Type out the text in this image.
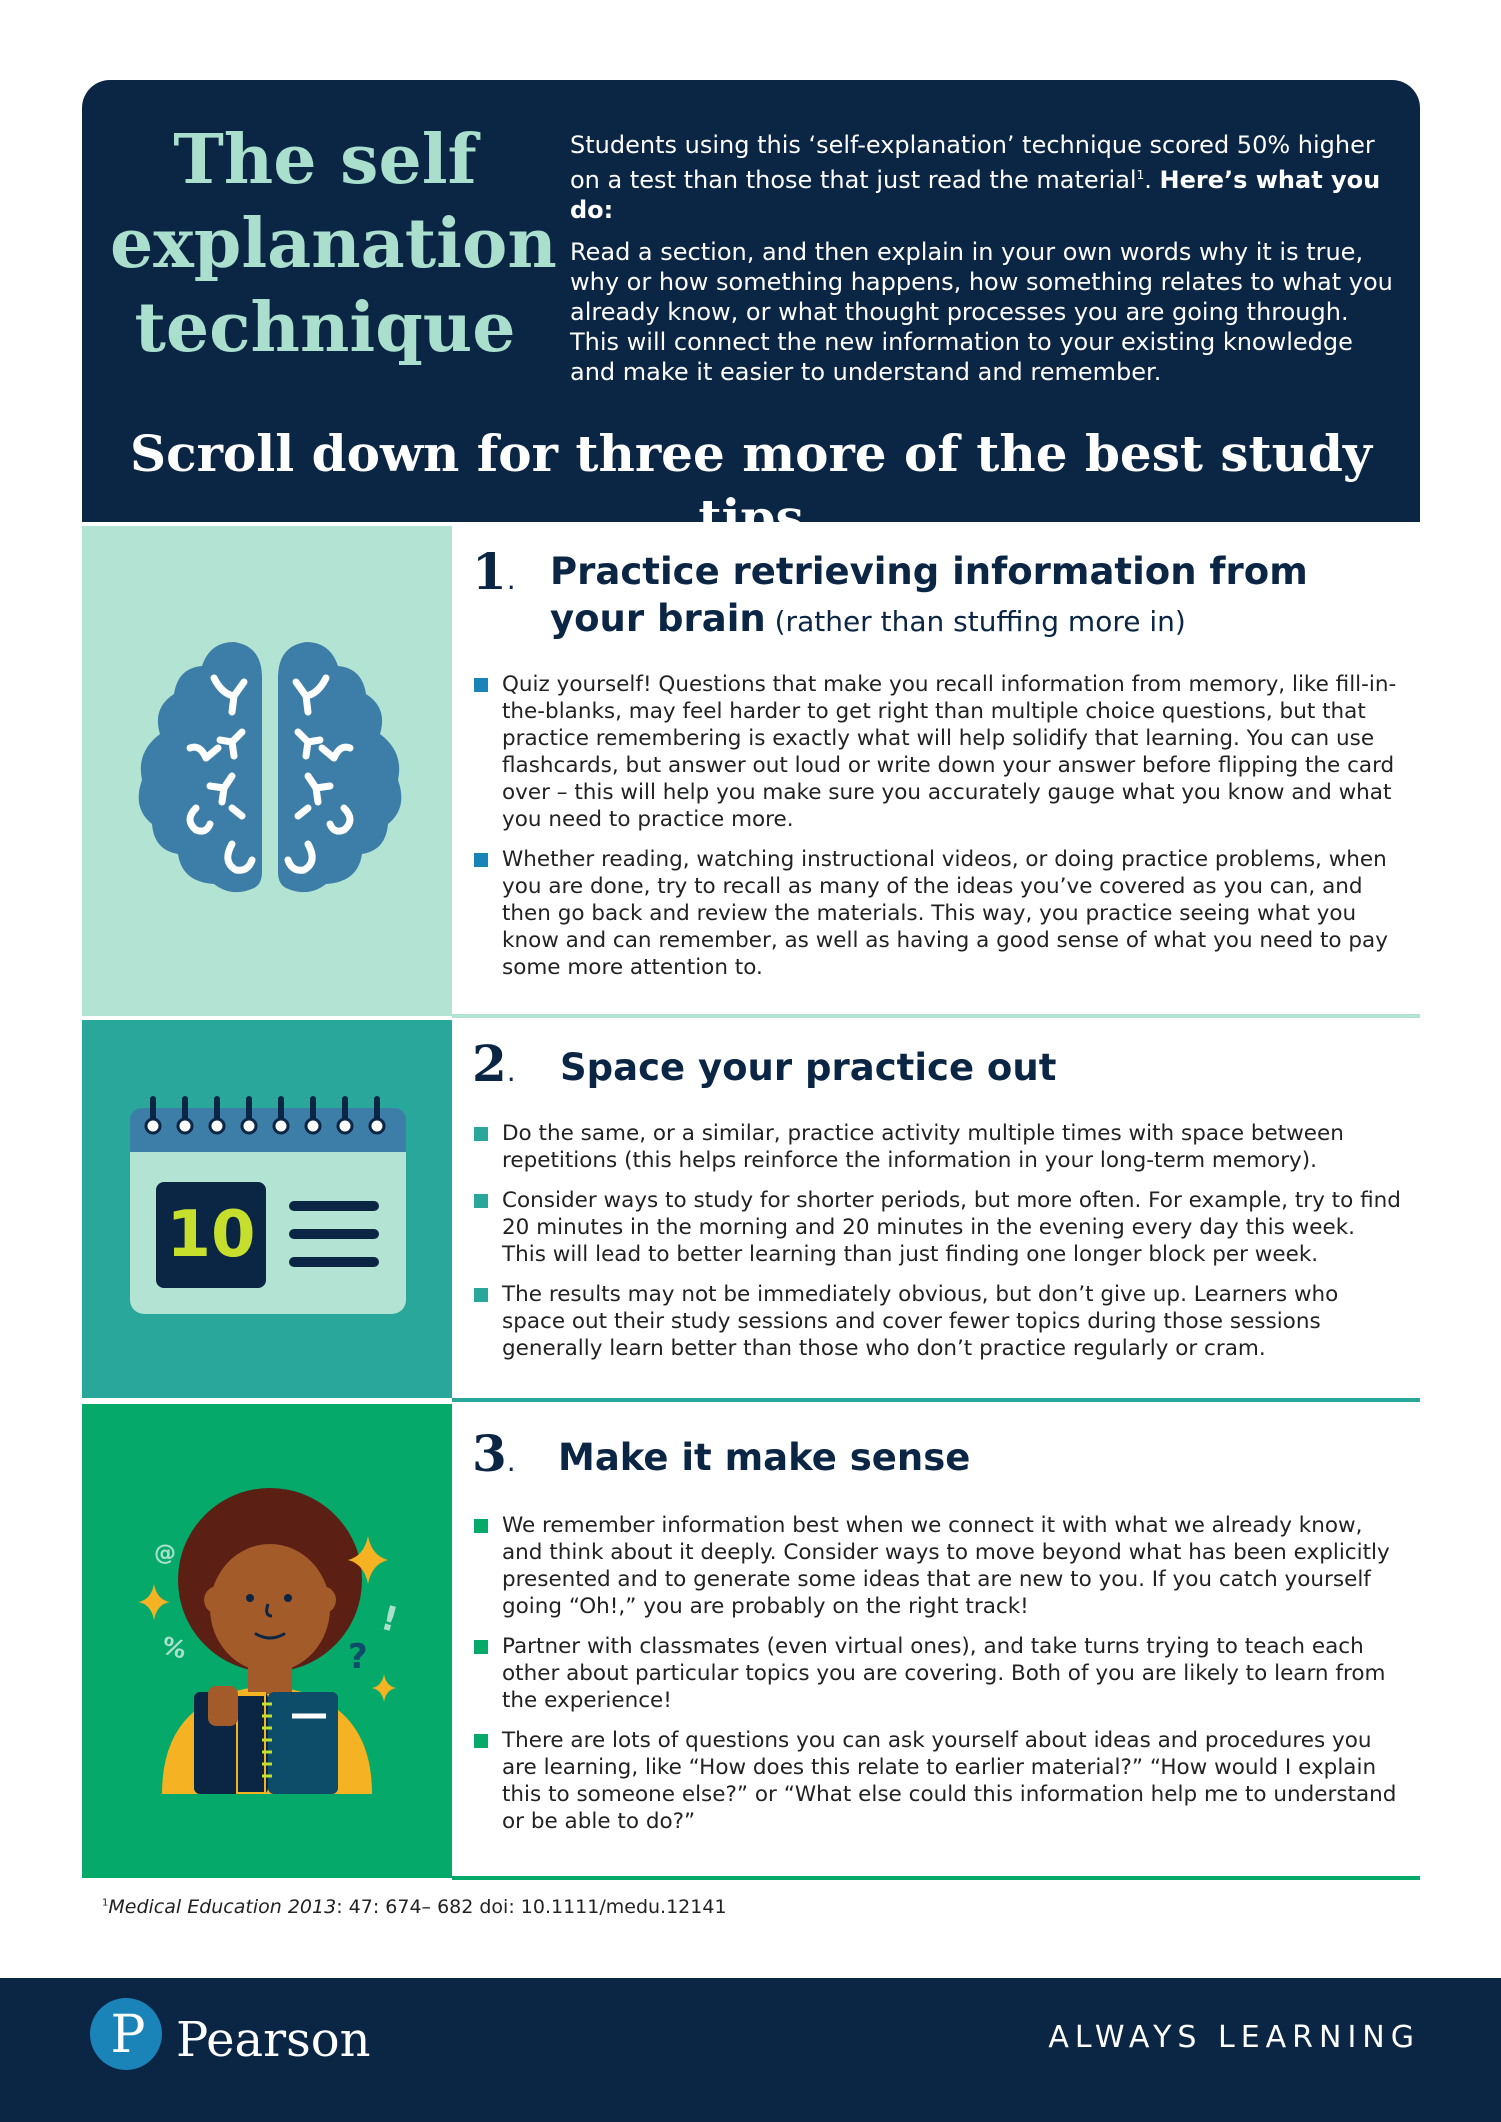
The self
explanation
technique

Students using this ‘self-explanation’ technique scored 50% higher on a test than those that just read the material$^1$. Here’s what you do:

Read a section, and then explain in your own words why it is true, why or how something happens, how something relates to what you already know, or what thought processes you are going through. This will connect the new information to your existing knowledge and make it easier to understand and remember.

Scroll down for three more of the best study tips
1. Practice retrieving information from
your brain (rather than stuffing more in)
Quiz yourself! Questions that make you recall information from memory, like fill-in-the-blanks, may feel harder to get right than multiple choice questions, but that practice remembering is exactly what will help solidify that learning. You can use flashcards, but answer out loud or write down your answer before flipping the card over – this will help you make sure you accurately gauge what you know and what you need to practice more.
Whether reading, watching instructional videos, or doing practice problems, when you are done, try to recall as many of the ideas you’ve covered as you can, and then go back and review the materials. This way, you practice seeing what you know and can remember, as well as having a good sense of what you need to pay some more attention to.
10
2.	Space your practice out
Do the same, or a similar, practice activity multiple times with space between repetitions (this helps reinforce the information in your long-term memory).
Consider ways to study for shorter periods, but more often. For example, try to find 20 minutes in the morning and 20 minutes in the evening every day this week. This will lead to better learning than just finding one longer block per week.
The results may not be immediately obvious, but don’t give up. Learners who space out their study sessions and cover fewer topics during those sessions generally learn better than those who don’t practice regularly or cram.
@
%	?
!
3.	Make it make sense
We remember information best when we connect it with what we already know, and think about it deeply. Consider ways to move beyond what has been explicitly presented and to generate some ideas that are new to you. If you catch yourself going “Oh!,” you are probably on the right track!
Partner with classmates (even virtual ones), and take turns trying to teach each other about particular topics you are covering. Both of you are likely to learn from the experience!
There are lots of questions you can ask yourself about ideas and procedures you are learning, like “How does this relate to earlier material?” “How would I explain this to someone else?” or “What else could this information help me to understand or be able to do?”
$^1$Medical Education 2013: 47: 674– 682 doi: 10.1111/medu.12141
P Pearson	ALWAYS LEARNING
